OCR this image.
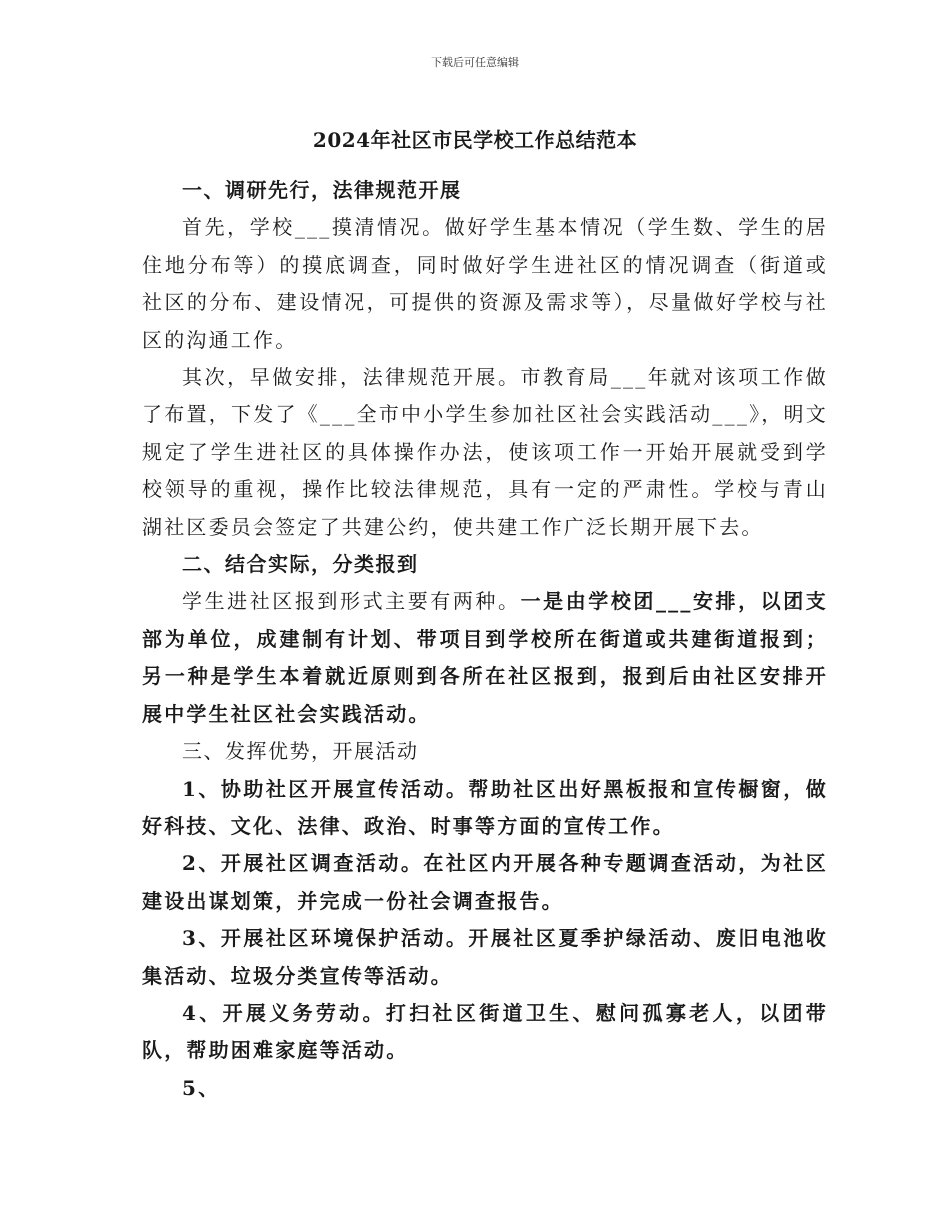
下载后可任意编辑
2024年社区市民学校工作总结范本

一、调研先行，法律规范开展

首先，学校___摸清情况。做好学生基本情况（学生数、学生的居住地分布等）的摸底调查，同时做好学生进社区的情况调查（街道或社区的分布、建设情况，可提供的资源及需求等），尽量做好学校与社区的沟通工作。

其次，早做安排，法律规范开展。市教育局___年就对该项工作做了布置，下发了《___全市中小学生参加社区社会实践活动___》，明文规定了学生进社区的具体操作办法，使该项工作一开始开展就受到学校领导的重视，操作比较法律规范，具有一定的严肃性。学校与青山湖社区委员会签定了共建公约，使共建工作广泛长期开展下去。

二、结合实际，分类报到

学生进社区报到形式主要有两种。一是由学校团___安排，以团支部为单位，成建制有计划、带项目到学校所在街道或共建街道报到；另一种是学生本着就近原则到各所在社区报到，报到后由社区安排开展中学生社区社会实践活动。

三、发挥优势，开展活动

1、协助社区开展宣传活动。帮助社区出好黑板报和宣传橱窗，做好科技、文化、法律、政治、时事等方面的宣传工作。

2、开展社区调查活动。在社区内开展各种专题调查活动，为社区建设出谋划策，并完成一份社会调查报告。

3、开展社区环境保护活动。开展社区夏季护绿活动、废旧电池收集活动、垃圾分类宣传等活动。

4、开展义务劳动。打扫社区街道卫生、慰问孤寡老人，以团带队，帮助困难家庭等活动。

5、
